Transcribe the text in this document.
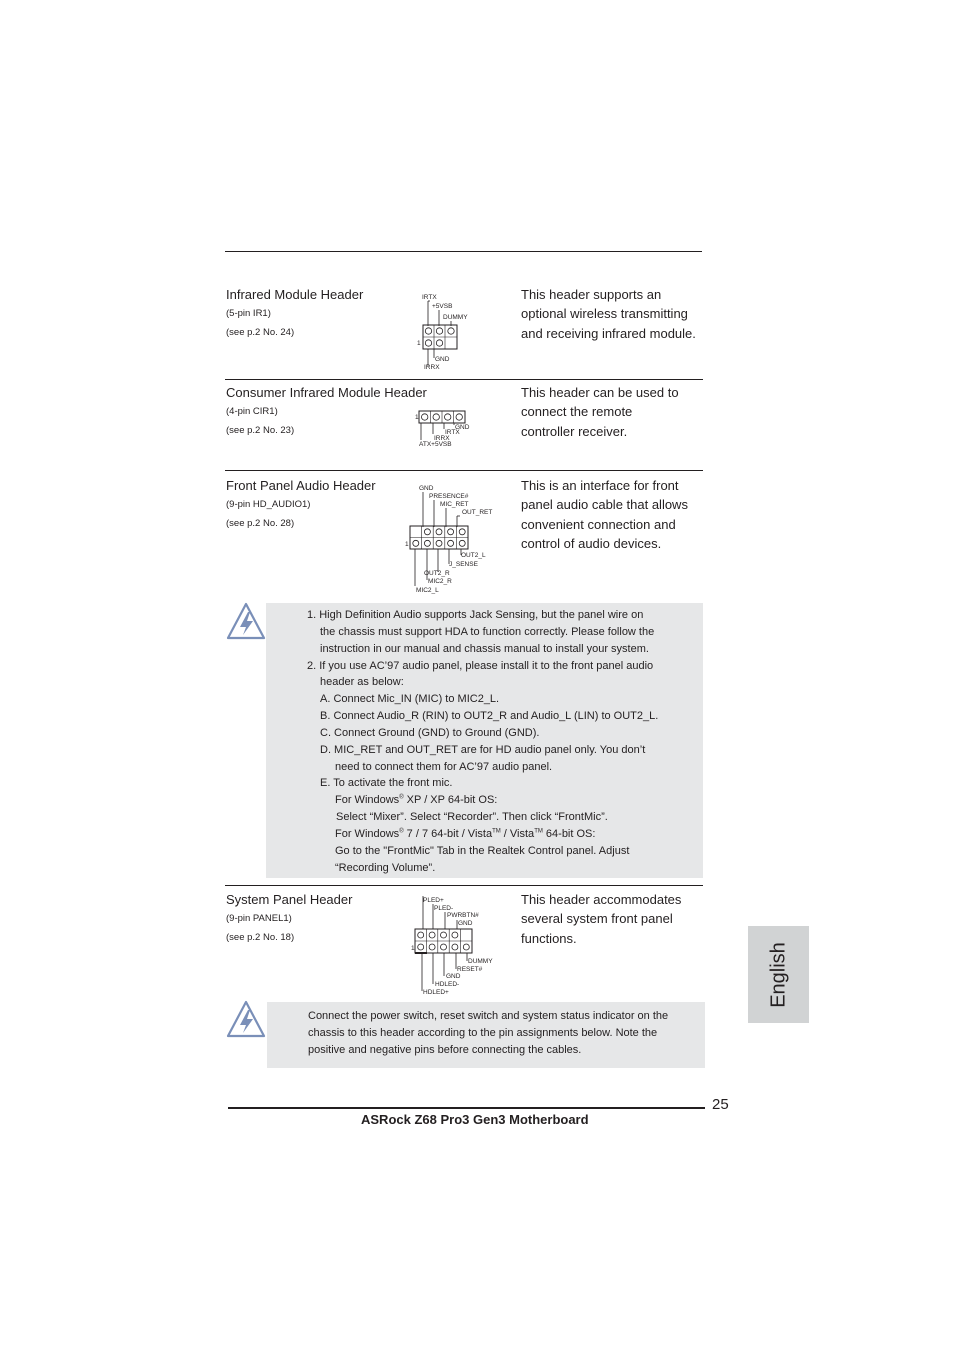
Infrared Module Header
(5-pin IR1)
(see p.2 No. 24)
IRTX
+5VSB
DUMMY
1
GND
IRRX
This header supports an
optional wireless transmitting
and receiving infrared module.
Consumer Infrared Module Header
(4-pin CIR1)
(see p.2 No. 23)
1
GND
IRTX
IRRX
ATX+5VSB
This header can be used to
connect the remote
controller receiver.
Front Panel Audio Header
(9-pin HD_AUDIO1)
(see p.2 No. 28)
GND
PRESENCE#
MIC_RET
OUT_RET
1
OUT2_L
J_SENSE
OUT2_R
MIC2_R
MIC2_L
This is an interface for front
panel audio cable that allows
convenient connection and
control of audio devices.
1. High Definition Audio supports Jack Sensing, but the panel wire on
the chassis must support HDA to function correctly. Please follow the
instruction in our manual and chassis manual to install your system.
2. If you use AC’97 audio panel, please install it to the front panel audio
header as below:
A. Connect Mic_IN (MIC) to MIC2_L.
B. Connect Audio_R (RIN) to OUT2_R and Audio_L (LIN) to OUT2_L.
C. Connect Ground (GND) to Ground (GND).
D. MIC_RET and OUT_RET are for HD audio panel only. You don’t
need to connect them for AC’97 audio panel.
E. To activate the front mic.
For Windows® XP / XP 64-bit OS:
Select “Mixer”. Select “Recorder”. Then click “FrontMic”.
For Windows® 7 / 7 64-bit / Vista™ / Vista™ 64-bit OS:
Go to the "FrontMic" Tab in the Realtek Control panel. Adjust
“Recording Volume”.
System Panel Header
(9-pin PANEL1)
(see p.2 No. 18)
PLED+
PLED-
PWRBTN#
GND
1
DUMMY
RESET#
GND
HDLED-
HDLED+
This header accommodates
several system front panel
functions.
Connect the power switch, reset switch and system status indicator on the
chassis to this header according to the pin assignments below. Note the
positive and negative pins before connecting the cables.
English
25
ASRock Z68 Pro3 Gen3 Motherboard
